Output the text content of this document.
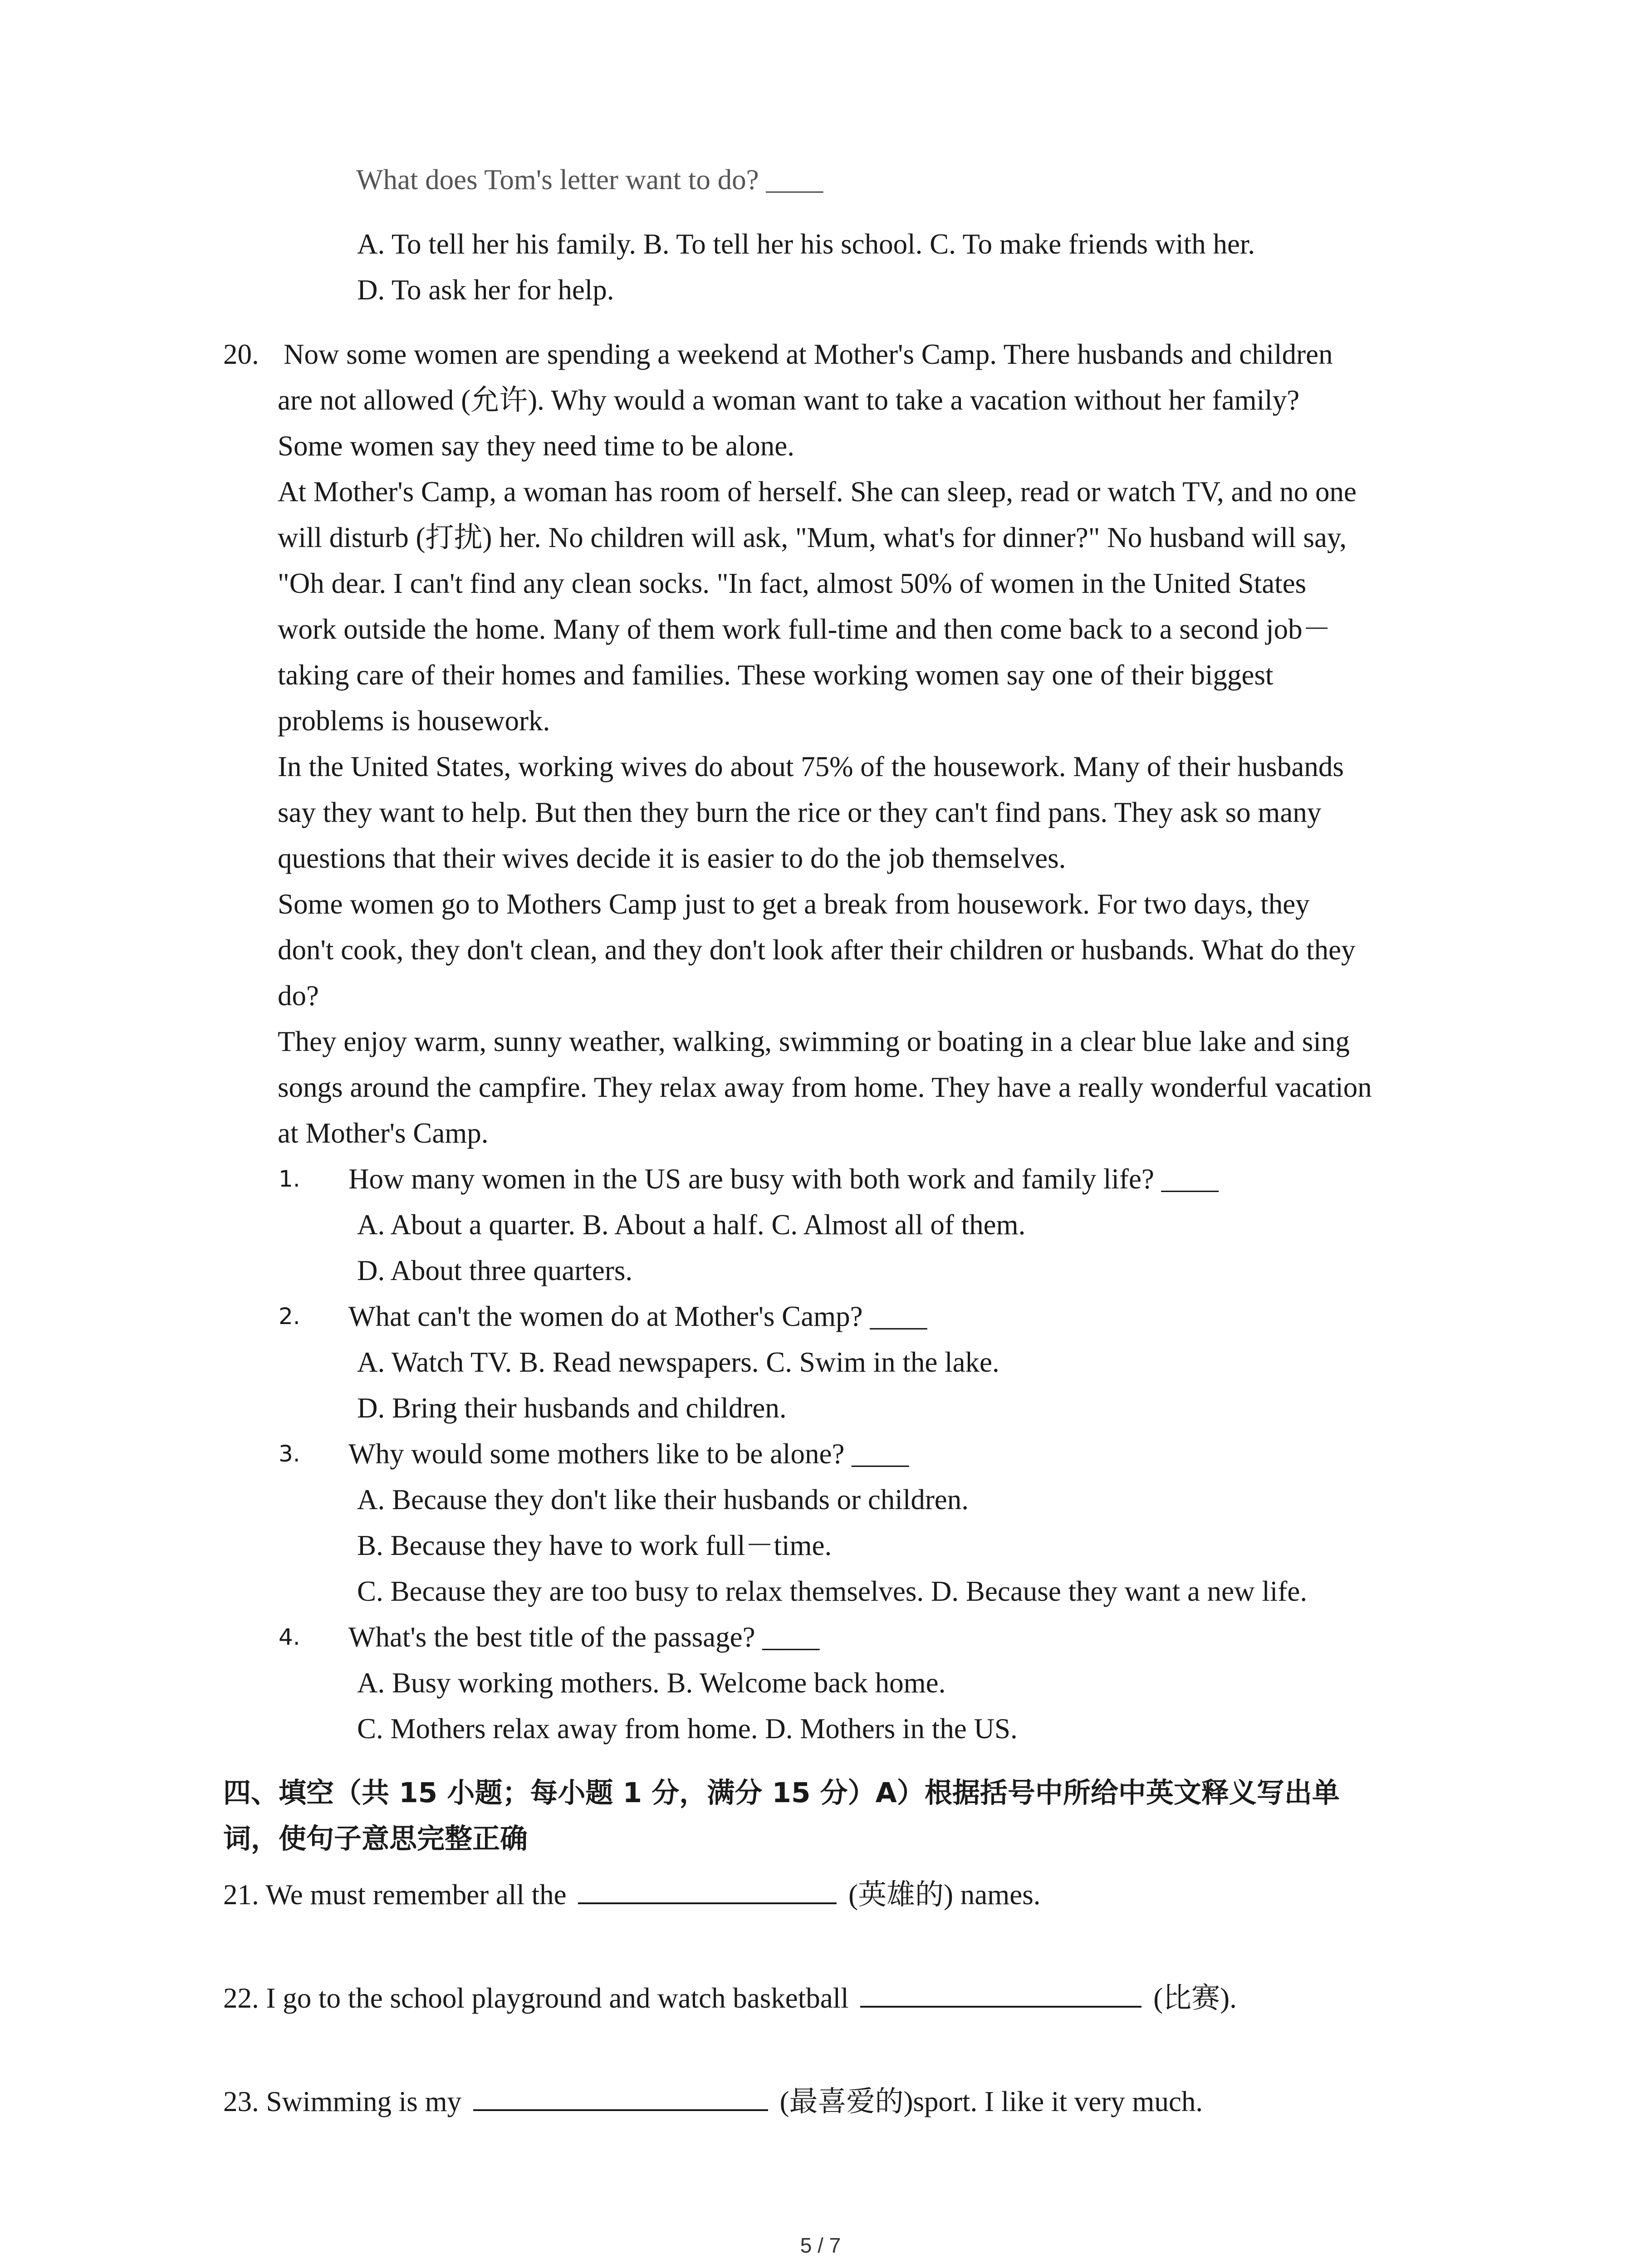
What does Tom's letter want to do? ____
A. To tell her his family. B. To tell her his school. C. To make friends with her.
D. To ask her for help.
20. Now some women are spending a weekend at Mother's Camp. There husbands and children
are not allowed (允许). Why would a woman want to take a vacation without her family?
Some women say they need time to be alone.
At Mother's Camp, a woman has room of herself. She can sleep, read or watch TV, and no one
will disturb (打扰) her. No children will ask, "Mum, what's for dinner?" No husband will say,
"Oh dear. I can't find any clean socks. "In fact, almost 50% of women in the United States
work outside the home. Many of them work full-time and then come back to a second job－
taking care of their homes and families. These working women say one of their biggest
problems is housework.
In the United States, working wives do about 75% of the housework. Many of their husbands
say they want to help. But then they burn the rice or they can't find pans. They ask so many
questions that their wives decide it is easier to do the job themselves.
Some women go to Mothers Camp just to get a break from housework. For two days, they
don't cook, they don't clean, and they don't look after their children or husbands. What do they
do?
They enjoy warm, sunny weather, walking, swimming or boating in a clear blue lake and sing
songs around the campfire. They relax away from home. They have a really wonderful vacation
at Mother's Camp.
1. How many women in the US are busy with both work and family life? ____
A. About a quarter. B. About a half. C. Almost all of them.
D. About three quarters.
2. What can't the women do at Mother's Camp? ____
A. Watch TV. B. Read newspapers. C. Swim in the lake.
D. Bring their husbands and children.
3. Why would some mothers like to be alone? ____
A. Because they don't like their husbands or children.
B. Because they have to work full－time.
C. Because they are too busy to relax themselves. D. Because they want a new life.
4. What's the best title of the passage? ____
A. Busy working mothers. B. Welcome back home.
C. Mothers relax away from home. D. Mothers in the US.
四、填空（共 15 小题；每小题 1 分，满分 15 分）A）根据括号中所给中英文释义写出单
词，使句子意思完整正确
21. We must remember all the	(英雄的) names.
22. I go to the school playground and watch basketball	(比赛).
23. Swimming is my	(最喜爱的)sport. I like it very much.
5 / 7
